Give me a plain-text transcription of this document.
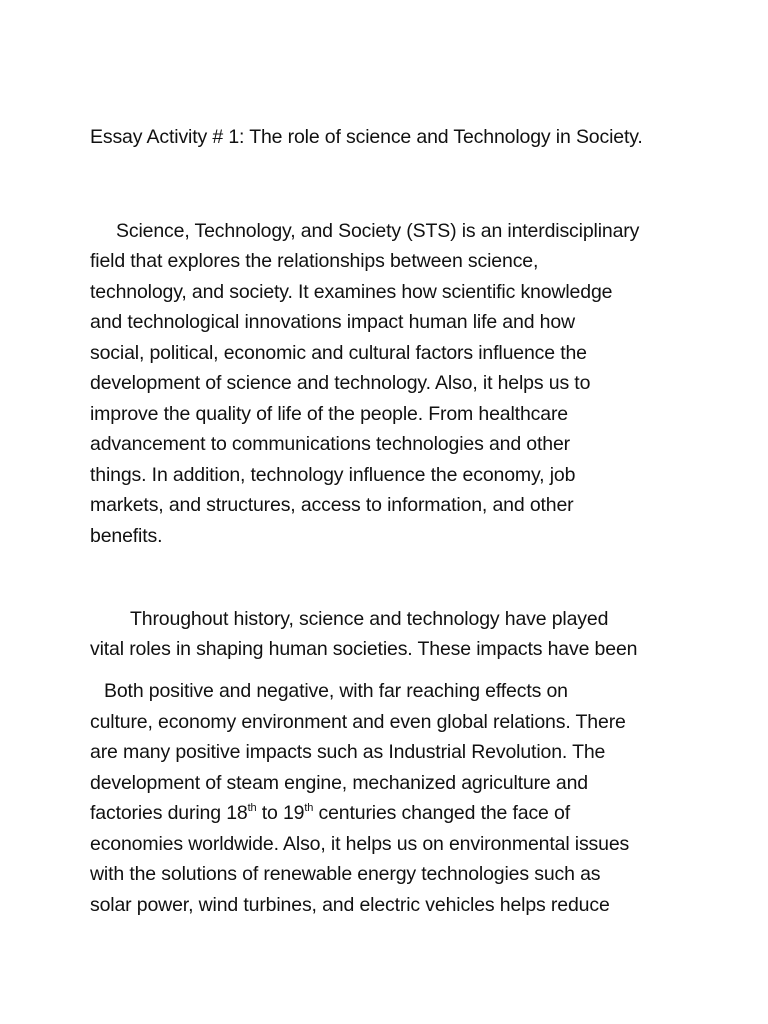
Essay Activity # 1: The role of science and Technology in Society.

Science, Technology, and Society (STS) is an interdisciplinary

field that explores the relationships between science,

technology, and society. It examines how scientific knowledge

and technological innovations impact human life and how

social, political, economic and cultural factors influence the

development of science and technology. Also, it helps us to

improve the quality of life of the people. From healthcare

advancement to communications technologies and other

things. In addition, technology influence the economy, job

markets, and structures, access to information, and other

benefits.

Throughout history, science and technology have played

vital roles in shaping human societies. These impacts have been

Both positive and negative, with far reaching effects on

culture, economy environment and even global relations. There

are many positive impacts such as Industrial Revolution. The

development of steam engine, mechanized agriculture and

factories during 18th to 19th centuries changed the face of

economies worldwide. Also, it helps us on environmental issues

with the solutions of renewable energy technologies such as

solar power, wind turbines, and electric vehicles helps reduce
